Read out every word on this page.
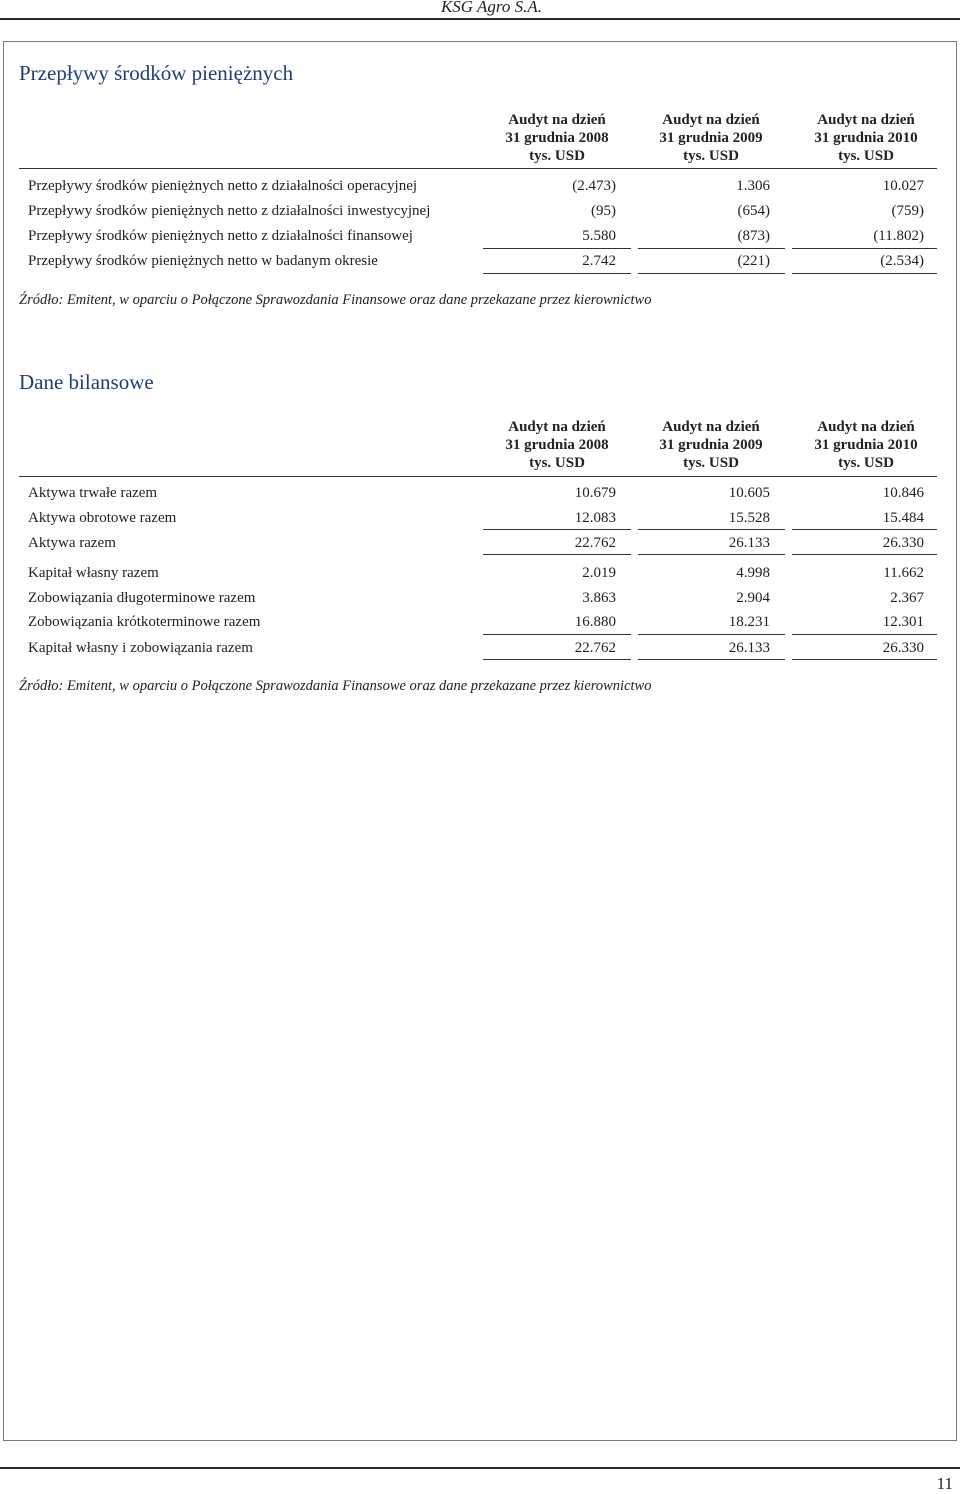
KSG Agro S.A.
Przepływy środków pieniężnych
Audyt na dzień
31 grudnia 2008
tys. USD
Audyt na dzień
31 grudnia 2009
tys. USD
Audyt na dzień
31 grudnia 2010
tys. USD
Przepływy środków pieniężnych netto z działalności operacyjnej	(2.473)	1.306	10.027
Przepływy środków pieniężnych netto z działalności inwestycyjnej	(95)	(654)	(759)
Przepływy środków pieniężnych netto z działalności finansowej	5.580	(873)	(11.802)
Przepływy środków pieniężnych netto w badanym okresie	2.742	(221)	(2.534)
Źródło: Emitent, w oparciu o Połączone Sprawozdania Finansowe oraz dane przekazane przez kierownictwo
Dane bilansowe
Audyt na dzień
31 grudnia 2008
tys. USD
Audyt na dzień
31 grudnia 2009
tys. USD
Audyt na dzień
31 grudnia 2010
tys. USD
Aktywa trwałe razem	10.679	10.605	10.846
Aktywa obrotowe razem	12.083	15.528	15.484
Aktywa razem	22.762	26.133	26.330
Kapitał własny razem	2.019	4.998	11.662
Zobowiązania długoterminowe razem	3.863	2.904	2.367
Zobowiązania krótkoterminowe razem	16.880	18.231	12.301
Kapitał własny i zobowiązania razem	22.762	26.133	26.330
Źródło: Emitent, w oparciu o Połączone Sprawozdania Finansowe oraz dane przekazane przez kierownictwo
11
